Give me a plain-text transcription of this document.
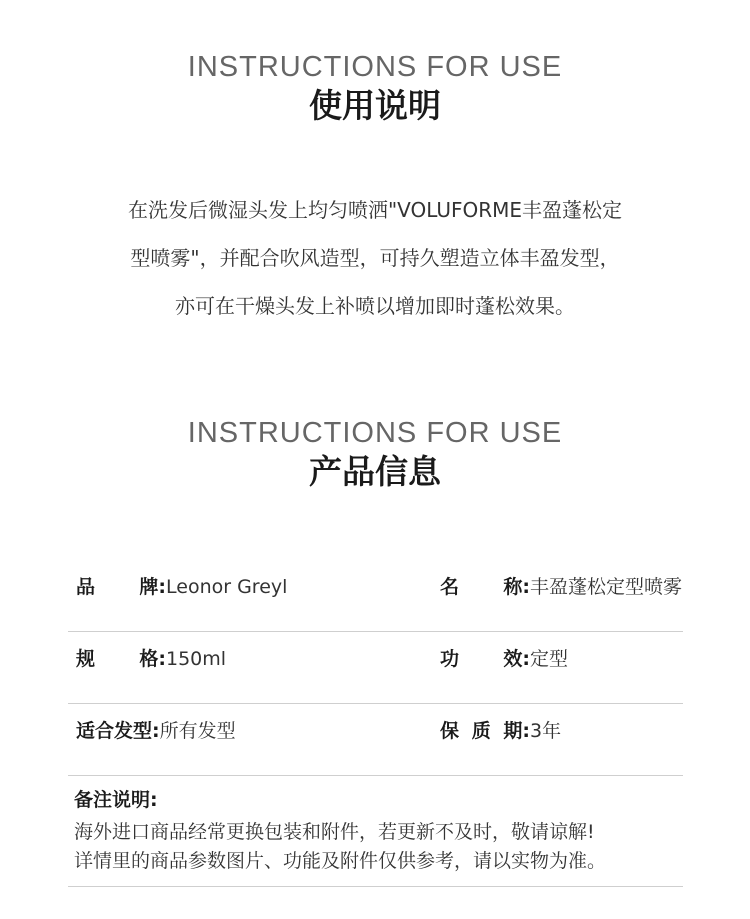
INSTRUCTIONS FOR USE
使用说明
在洗发后微湿头发上均匀喷洒"VOLUFORME丰盈蓬松定
型喷雾"，并配合吹风造型，可持久塑造立体丰盈发型，
亦可在干燥头发上补喷以增加即时蓬松效果。
INSTRUCTIONS FOR USE
产品信息
品 牌: Leonor Greyl	名 称: 丰盈蓬松定型喷雾
规 格: 150ml	功 效: 定型
适合发型:所有发型	保 质 期: 3年
备注说明:
海外进口商品经常更换包装和附件，若更新不及时，敬请谅解!
详情里的商品参数图片、功能及附件仅供参考，请以实物为准。
